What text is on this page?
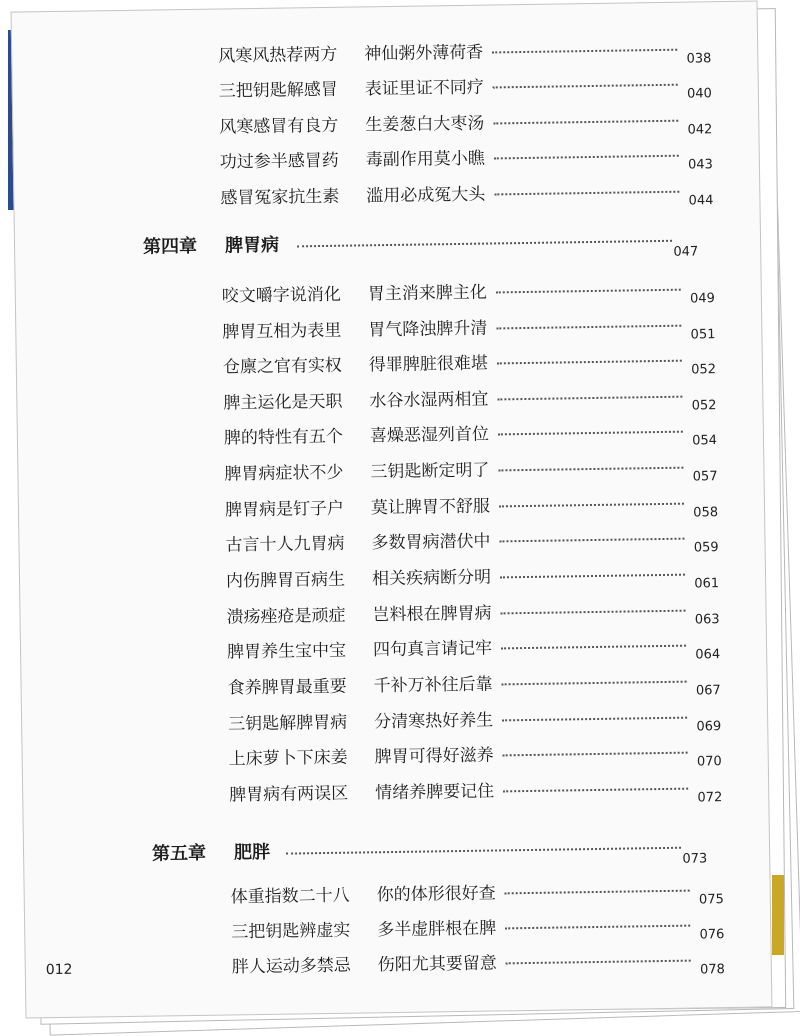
风寒风热荐两方 神仙粥外薄荷香	038
三把钥匙解感冒 表证里证不同疗	040
风寒感冒有良方 生姜葱白大枣汤	042
功过参半感冒药 毒副作用莫小瞧	043
感冒冤家抗生素 滥用必成冤大头	044
第四章 脾胃病	047
咬文嚼字说消化 胃主消来脾主化	049
脾胃互相为表里 胃气降浊脾升清	051
仓廪之官有实权 得罪脾脏很难堪	052
脾主运化是天职 水谷水湿两相宜	052
脾的特性有五个 喜燥恶湿列首位	054
脾胃病症状不少 三钥匙断定明了	057
脾胃病是钉子户 莫让脾胃不舒服	058
古言十人九胃病 多数胃病潜伏中	059
内伤脾胃百病生 相关疾病断分明	061
溃疡痤疮是顽症 岂料根在脾胃病	063
脾胃养生宝中宝 四句真言请记牢	064
食养脾胃最重要 千补万补往后靠	067
三钥匙解脾胃病 分清寒热好养生	069
上床萝卜下床姜 脾胃可得好滋养	070
脾胃病有两误区 情绪养脾要记住	072
第五章 肥胖	073
体重指数二十八 你的体形很好查	075
三把钥匙辨虚实 多半虚胖根在脾	076
胖人运动多禁忌 伤阳尤其要留意	078
012
